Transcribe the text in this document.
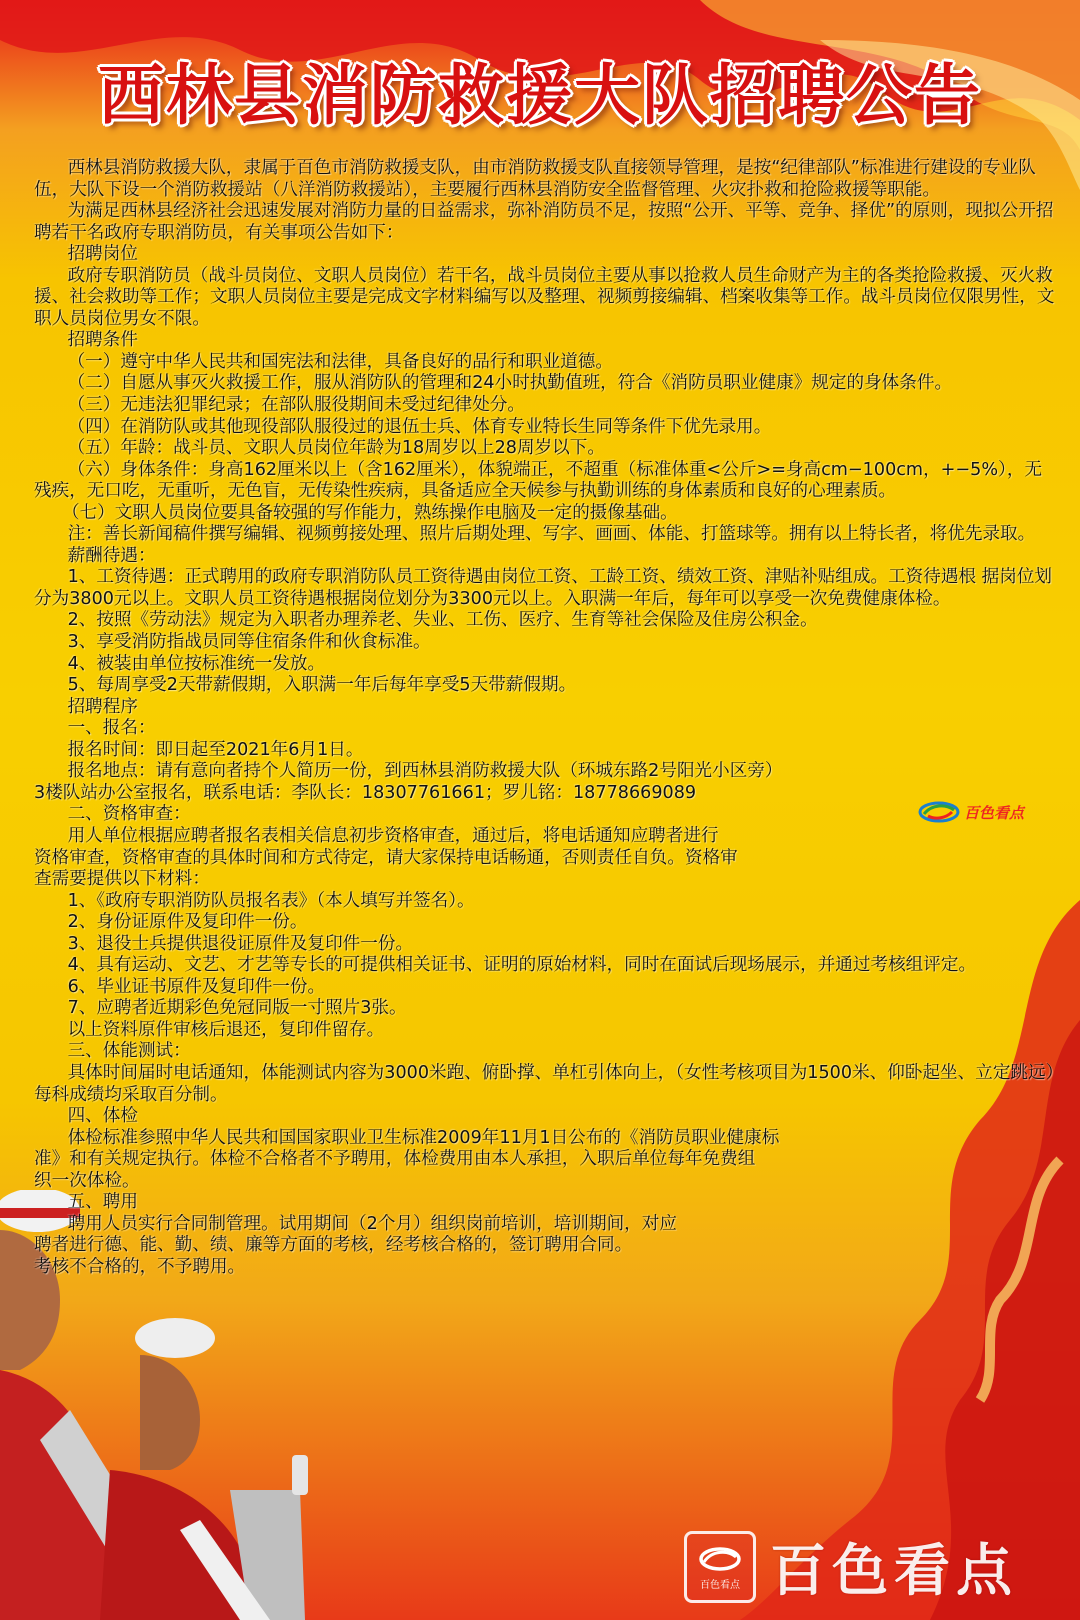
西林县消防救援大队招聘公告

西林县消防救援大队，隶属于百色市消防救援支队，由市消防救援支队直接领导管理，是按“纪律部队”标准进行建设的专业队伍，大队下设一个消防救援站（八洋消防救援站），主要履行西林县消防安全监督管理、火灾扑救和抢险救援等职能。

为满足西林县经济社会迅速发展对消防力量的日益需求，弥补消防员不足，按照“公开、平等、竞争、择优”的原则，现拟公开招聘若干名政府专职消防员，有关事项公告如下：

招聘岗位

政府专职消防员（战斗员岗位、文职人员岗位）若干名，战斗员岗位主要从事以抢救人员生命财产为主的各类抢险救援、灭火救援、社会救助等工作；文职人员岗位主要是完成文字材料编写以及整理、视频剪接编辑、档案收集等工作。战斗员岗位仅限男性，文职人员岗位男女不限。

招聘条件

（一）遵守中华人民共和国宪法和法律，具备良好的品行和职业道德。

（二）自愿从事灭火救援工作，服从消防队的管理和24小时执勤值班，符合《消防员职业健康》规定的身体条件。

（三）无违法犯罪纪录；在部队服役期间未受过纪律处分。

（四）在消防队或其他现役部队服役过的退伍士兵、体育专业特长生同等条件下优先录用。

（五）年龄：战斗员、文职人员岗位年龄为18周岁以上28周岁以下。

（六）身体条件：身高162厘米以上（含162厘米），体貌端正，不超重（标准体重<公斤>=身高cm−100cm，+−5%），无残疾，无口吃，无重听，无色盲，无传染性疾病，具备适应全天候参与执勤训练的身体素质和良好的心理素质。

（七）文职人员岗位要具备较强的写作能力，熟练操作电脑及一定的摄像基础。

注：善长新闻稿件撰写编辑、视频剪接处理、照片后期处理、写字、画画、体能、打篮球等。拥有以上特长者，将优先录取。

薪酬待遇：

1、工资待遇：正式聘用的政府专职消防队员工资待遇由岗位工资、工龄工资、绩效工资、津贴补贴组成。工资待遇根 据岗位划分为3800元以上。文职人员工资待遇根据岗位划分为3300元以上。入职满一年后，每年可以享受一次免费健康体检。

2、按照《劳动法》规定为入职者办理养老、失业、工伤、医疗、生育等社会保险及住房公积金。

3、享受消防指战员同等住宿条件和伙食标准。

4、被装由单位按标准统一发放。

5、每周享受2天带薪假期，入职满一年后每年享受5天带薪假期。

招聘程序

一、报名：

报名时间：即日起至2021年6月1日。

报名地点：请有意向者持个人简历一份，到西林县消防救援大队（环城东路2号阳光小区旁）

3楼队站办公室报名，联系电话：李队长：18307761661；罗儿铭：18778669089

二、资格审查：

用人单位根据应聘者报名表相关信息初步资格审查，通过后，将电话通知应聘者进行

资格审查，资格审查的具体时间和方式待定，请大家保持电话畅通，否则责任自负。资格审

查需要提供以下材料：

1、《政府专职消防队员报名表》（本人填写并签名）。

2、身份证原件及复印件一份。

3、退役士兵提供退役证原件及复印件一份。

4、具有运动、文艺、才艺等专长的可提供相关证书、证明的原始材料，同时在面试后现场展示，并通过考核组评定。

6、毕业证书原件及复印件一份。

7、应聘者近期彩色免冠同版一寸照片3张。

以上资料原件审核后退还，复印件留存。

三、体能测试：

具体时间届时电话通知，体能测试内容为3000米跑、俯卧撑、单杠引体向上，（女性考核项目为1500米、仰卧起坐、立定跳远）每科成绩均采取百分制。

四、体检

体检标准参照中华人民共和国国家职业卫生标准2009年11月1日公布的《消防员职业健康标

准》和有关规定执行。体检不合格者不予聘用，体检费用由本人承担，入职后单位每年免费组

织一次体检。

五、聘用

聘用人员实行合同制管理。试用期间（2个月）组织岗前培训，培训期间，对应

聘者进行德、能、勤、绩、廉等方面的考核，经考核合格的，签订聘用合同。

考核不合格的，不予聘用。

百色看点
百色看点 百色看点
